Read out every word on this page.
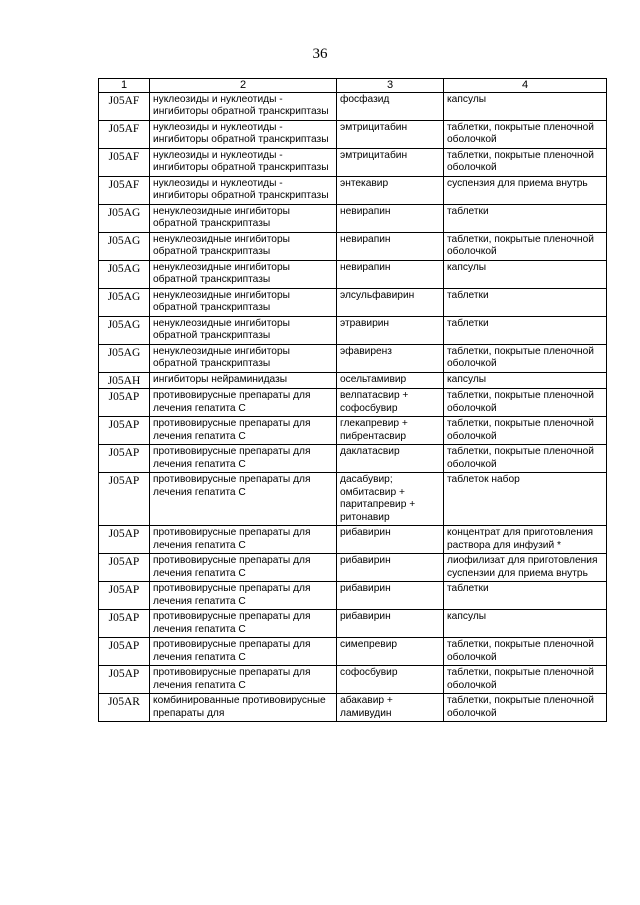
36
1	2	3	4
J05AF	нуклеозиды и нуклеотиды - ингибиторы обратной транскриптазы	фосфазид	капсулы
J05AF	нуклеозиды и нуклеотиды - ингибиторы обратной транскриптазы	эмтрицитабин	таблетки, покрытые пленочной оболочкой
J05AF	нуклеозиды и нуклеотиды - ингибиторы обратной транскриптазы	эмтрицитабин	таблетки, покрытые пленочной оболочкой
J05AF	нуклеозиды и нуклеотиды - ингибиторы обратной транскриптазы	энтекавир	суспензия для приема внутрь
J05AG	ненуклеозидные ингибиторы обратной транскриптазы	невирапин	таблетки
J05AG	ненуклеозидные ингибиторы обратной транскриптазы	невирапин	таблетки, покрытые пленочной оболочкой
J05AG	ненуклеозидные ингибиторы обратной транскриптазы	невирапин	капсулы
J05AG	ненуклеозидные ингибиторы обратной транскриптазы	элсульфавирин	таблетки
J05AG	ненуклеозидные ингибиторы обратной транскриптазы	этравирин	таблетки
J05AG	ненуклеозидные ингибиторы обратной транскриптазы	эфавиренз	таблетки, покрытые пленочной оболочкой
J05AH	ингибиторы нейраминидазы	осельтамивир	капсулы
J05AP	противовирусные препараты для лечения гепатита С	велпатасвир + софосбувир	таблетки, покрытые пленочной оболочкой
J05AP	противовирусные препараты для лечения гепатита С	глекапревир + пибрентасвир	таблетки, покрытые пленочной оболочкой
J05AP	противовирусные препараты для лечения гепатита С	даклатасвир	таблетки, покрытые пленочной оболочкой
J05AP	противовирусные препараты для лечения гепатита С	дасабувир; омбитасвир + паритапревир + ритонавир	таблеток набор
J05AP	противовирусные препараты для лечения гепатита С	рибавирин	концентрат для приготовления раствора для инфузий *
J05AP	противовирусные препараты для лечения гепатита С	рибавирин	лиофилизат для приготовления суспензии для приема внутрь
J05AP	противовирусные препараты для лечения гепатита С	рибавирин	таблетки
J05AP	противовирусные препараты для лечения гепатита С	рибавирин	капсулы
J05AP	противовирусные препараты для лечения гепатита С	симепревир	таблетки, покрытые пленочной оболочкой
J05AP	противовирусные препараты для лечения гепатита С	софосбувир	таблетки, покрытые пленочной оболочкой
J05AR	комбинированные противовирусные препараты для	абакавир + ламивудин	таблетки, покрытые пленочной оболочкой
